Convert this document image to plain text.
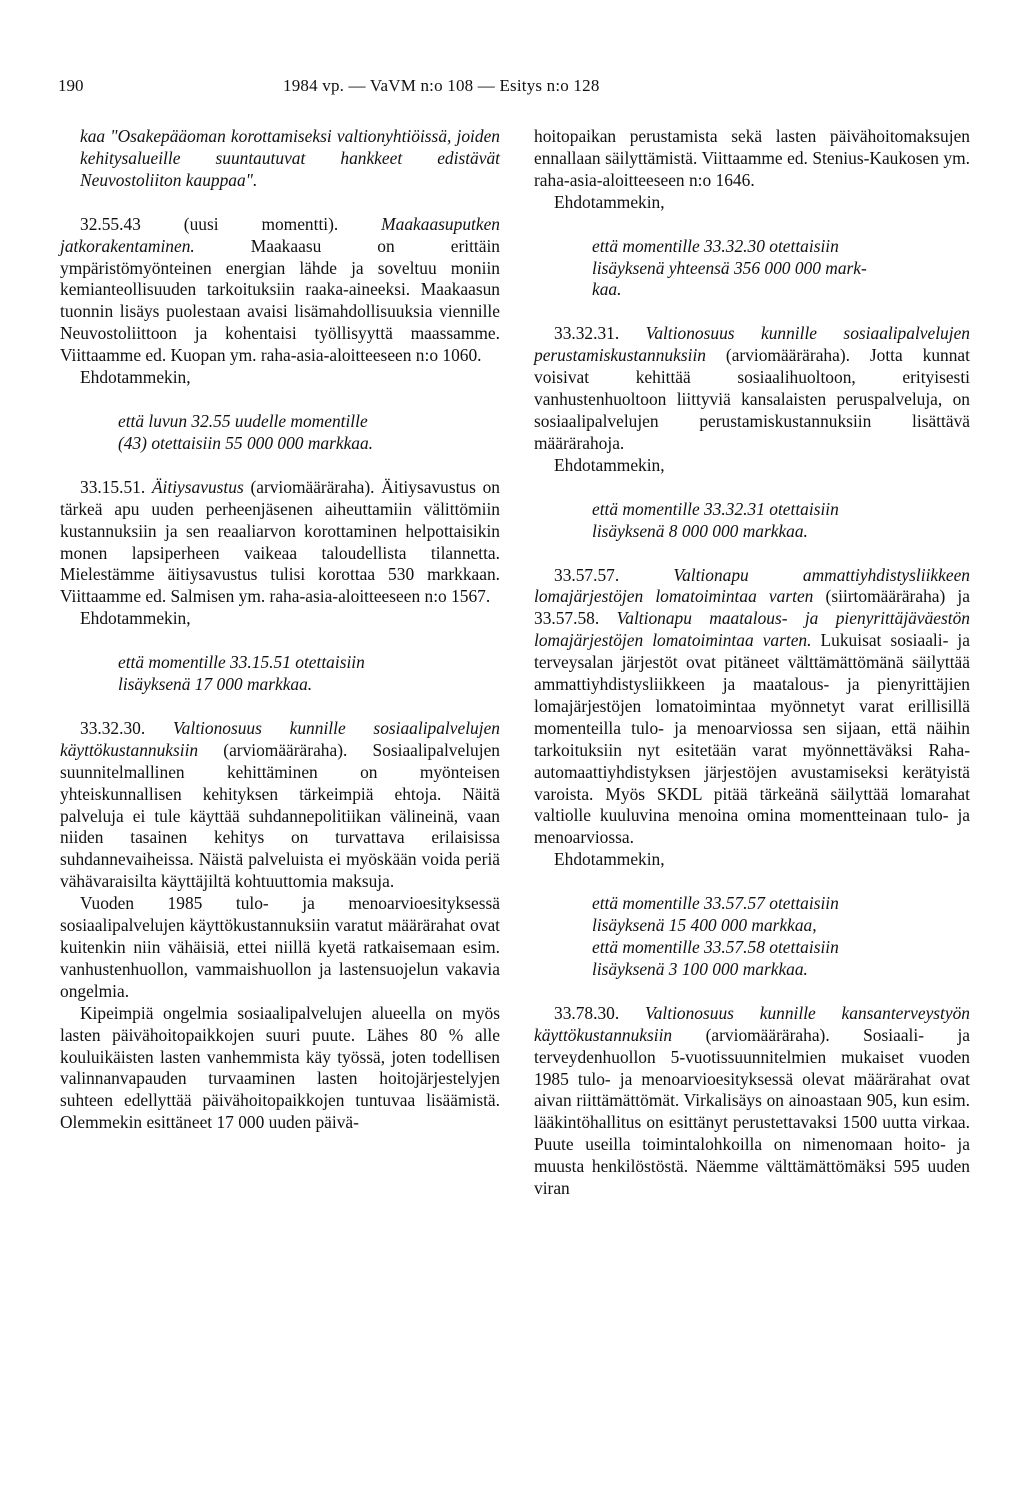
190	1984 vp. — VaVM n:o 108 — Esitys n:o 128

kaa "Osakepääoman korottamiseksi valtionyhtiöissä, joiden kehitysalueille suuntautuvat hankkeet edistävät Neuvostoliiton kauppaa".

32.55.43 (uusi momentti). Maakaasuputken jatkorakentaminen.	Maakaasu on erittäin ympäristömyönteinen energian lähde ja soveltuu moniin kemianteollisuuden tarkoituksiin raaka-aineeksi. Maakaasun tuonnin lisäys puolestaan avaisi lisämahdollisuuksia viennille Neuvostoliittoon ja kohentaisi työllisyyttä maassamme. Viittaamme ed. Kuopan ym. raha-asia-aloitteeseen n:o 1060.

Ehdotammekin,

että luvun 32.55 uudelle momentille
(43) otettaisiin 55 000 000 markkaa.

33.15.51. Äitiysavustus (arviomääräraha). Äitiysavustus on tärkeä apu uuden perheenjäsenen aiheuttamiin välittömiin kustannuksiin ja sen reaaliarvon korottaminen helpottaisikin monen lapsiperheen vaikeaa taloudellista tilannetta. Mielestämme äitiysavustus tulisi korottaa 530 markkaan. Viittaamme ed. Salmisen ym. raha-asia-aloitteeseen n:o 1567.

Ehdotammekin,

että momentille 33.15.51 otettaisiin
lisäyksenä 17 000 markkaa.

33.32.30. Valtionosuus kunnille sosiaalipalvelujen käyttökustannuksiin (arviomääräraha). Sosiaalipalvelujen suunnitelmallinen kehittäminen on myönteisen yhteiskunnallisen kehityksen tärkeimpiä ehtoja. Näitä palveluja ei tule käyttää suhdannepolitiikan välineinä, vaan niiden tasainen kehitys on turvattava erilaisissa suhdannevaiheissa. Näistä palveluista ei myöskään voida periä vähävaraisilta käyttäjiltä kohtuuttomia maksuja.

Vuoden 1985 tulo- ja menoarvioesityksessä sosiaalipalvelujen käyttökustannuksiin varatut määrärahat ovat kuitenkin niin vähäisiä, ettei niillä kyetä ratkaisemaan esim. vanhustenhuollon, vammaishuollon ja lastensuojelun vakavia ongelmia.

Kipeimpiä ongelmia sosiaalipalvelujen alueella on myös lasten päivähoitopaikkojen suuri puute. Lähes 80 % alle kouluikäisten lasten vanhemmista käy työssä, joten todellisen valinnanvapauden turvaaminen lasten hoitojärjestelyjen suhteen edellyttää päivähoitopaikkojen tuntuvaa lisäämistä. Olemmekin esittäneet 17 000 uuden päivä-

hoitopaikan perustamista sekä lasten päivähoitomaksujen ennallaan säilyttämistä. Viittaamme ed. Stenius-Kaukosen ym. raha-asia-aloitteeseen n:o 1646.

Ehdotammekin,

että momentille 33.32.30 otettaisiin
lisäyksenä yhteensä 356 000 000 mark-
kaa.

33.32.31. Valtionosuus kunnille sosiaalipalvelujen perustamiskustannuksiin (arviomääräraha). Jotta kunnat voisivat kehittää sosiaalihuoltoon, erityisesti vanhustenhuoltoon liittyviä kansalaisten peruspalveluja, on sosiaalipalvelujen perustamiskustannuksiin lisättävä määrärahoja.

Ehdotammekin,

että momentille 33.32.31 otettaisiin
lisäyksenä 8 000 000 markkaa.

33.57.57.	Valtionapu ammattiyhdistysliikkeen lomajärjestöjen lomatoimintaa varten (siirtomääräraha) ja 33.57.58. Valtionapu maatalous- ja pienyrittäjäväestön lomajärjestöjen lomatoimintaa varten. Lukuisat sosiaali- ja terveysalan järjestöt ovat pitäneet välttämättömänä säilyttää ammattiyhdistysliikkeen ja maatalous- ja pienyrittäjien lomajärjestöjen lomatoimintaa myönnetyt varat erillisillä momenteilla tulo- ja menoarviossa sen sijaan, että näihin tarkoituksiin nyt esitetään varat myönnettäväksi Raha-automaattiyhdistyksen järjestöjen avustamiseksi kerätyistä varoista. Myös SKDL pitää tärkeänä säilyttää lomarahat valtiolle kuuluvina menoina omina momentteinaan tulo- ja menoarviossa.

Ehdotammekin,

että momentille 33.57.57 otettaisiin
lisäyksenä 15 400 000 markkaa,
että momentille 33.57.58 otettaisiin
lisäyksenä 3 100 000 markkaa.

33.78.30. Valtionosuus kunnille kansanterveystyön käyttökustannuksiin (arviomääräraha). Sosiaali- ja terveydenhuollon 5-vuotissuunnitelmien mukaiset vuoden 1985 tulo- ja menoarvioesityksessä olevat määrärahat ovat aivan riittämättömät. Virkalisäys on ainoastaan 905, kun esim. lääkintöhallitus on esittänyt perustettavaksi 1500 uutta virkaa. Puute useilla toimintalohkoilla on nimenomaan hoito- ja muusta henkilöstöstä. Näemme välttämättömäksi 595 uuden viran
